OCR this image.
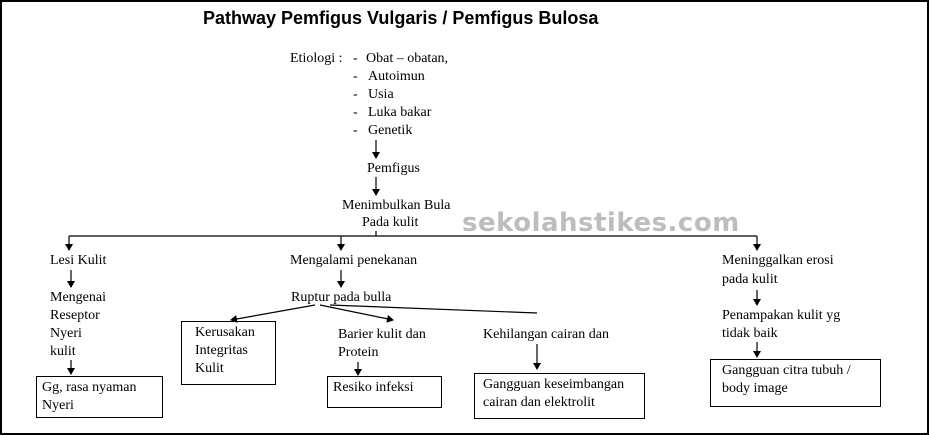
Pathway Pemfigus Vulgaris / Pemfigus Bulosa
Etiologi : - Obat – obatan,
- Autoimun
- Usia
- Luka bakar
- Genetik
Pemfigus
Menimbulkan Bula
Pada kulit sekolahstikes.com
Lesi Kulit
Mengenai
Reseptor
Nyeri
kulit
Gg, rasa nyaman
Nyeri
Mengalami penekanan
Ruptur pada bulla
Kerusakan
Integritas
Kulit
Barier kulit dan
Protein
Resiko infeksi
Kehilangan cairan dan
Gangguan keseimbangan
cairan dan elektrolit
Meninggalkan erosi
pada kulit
Penampakan kulit yg
tidak baik
Gangguan citra tubuh /
body image
